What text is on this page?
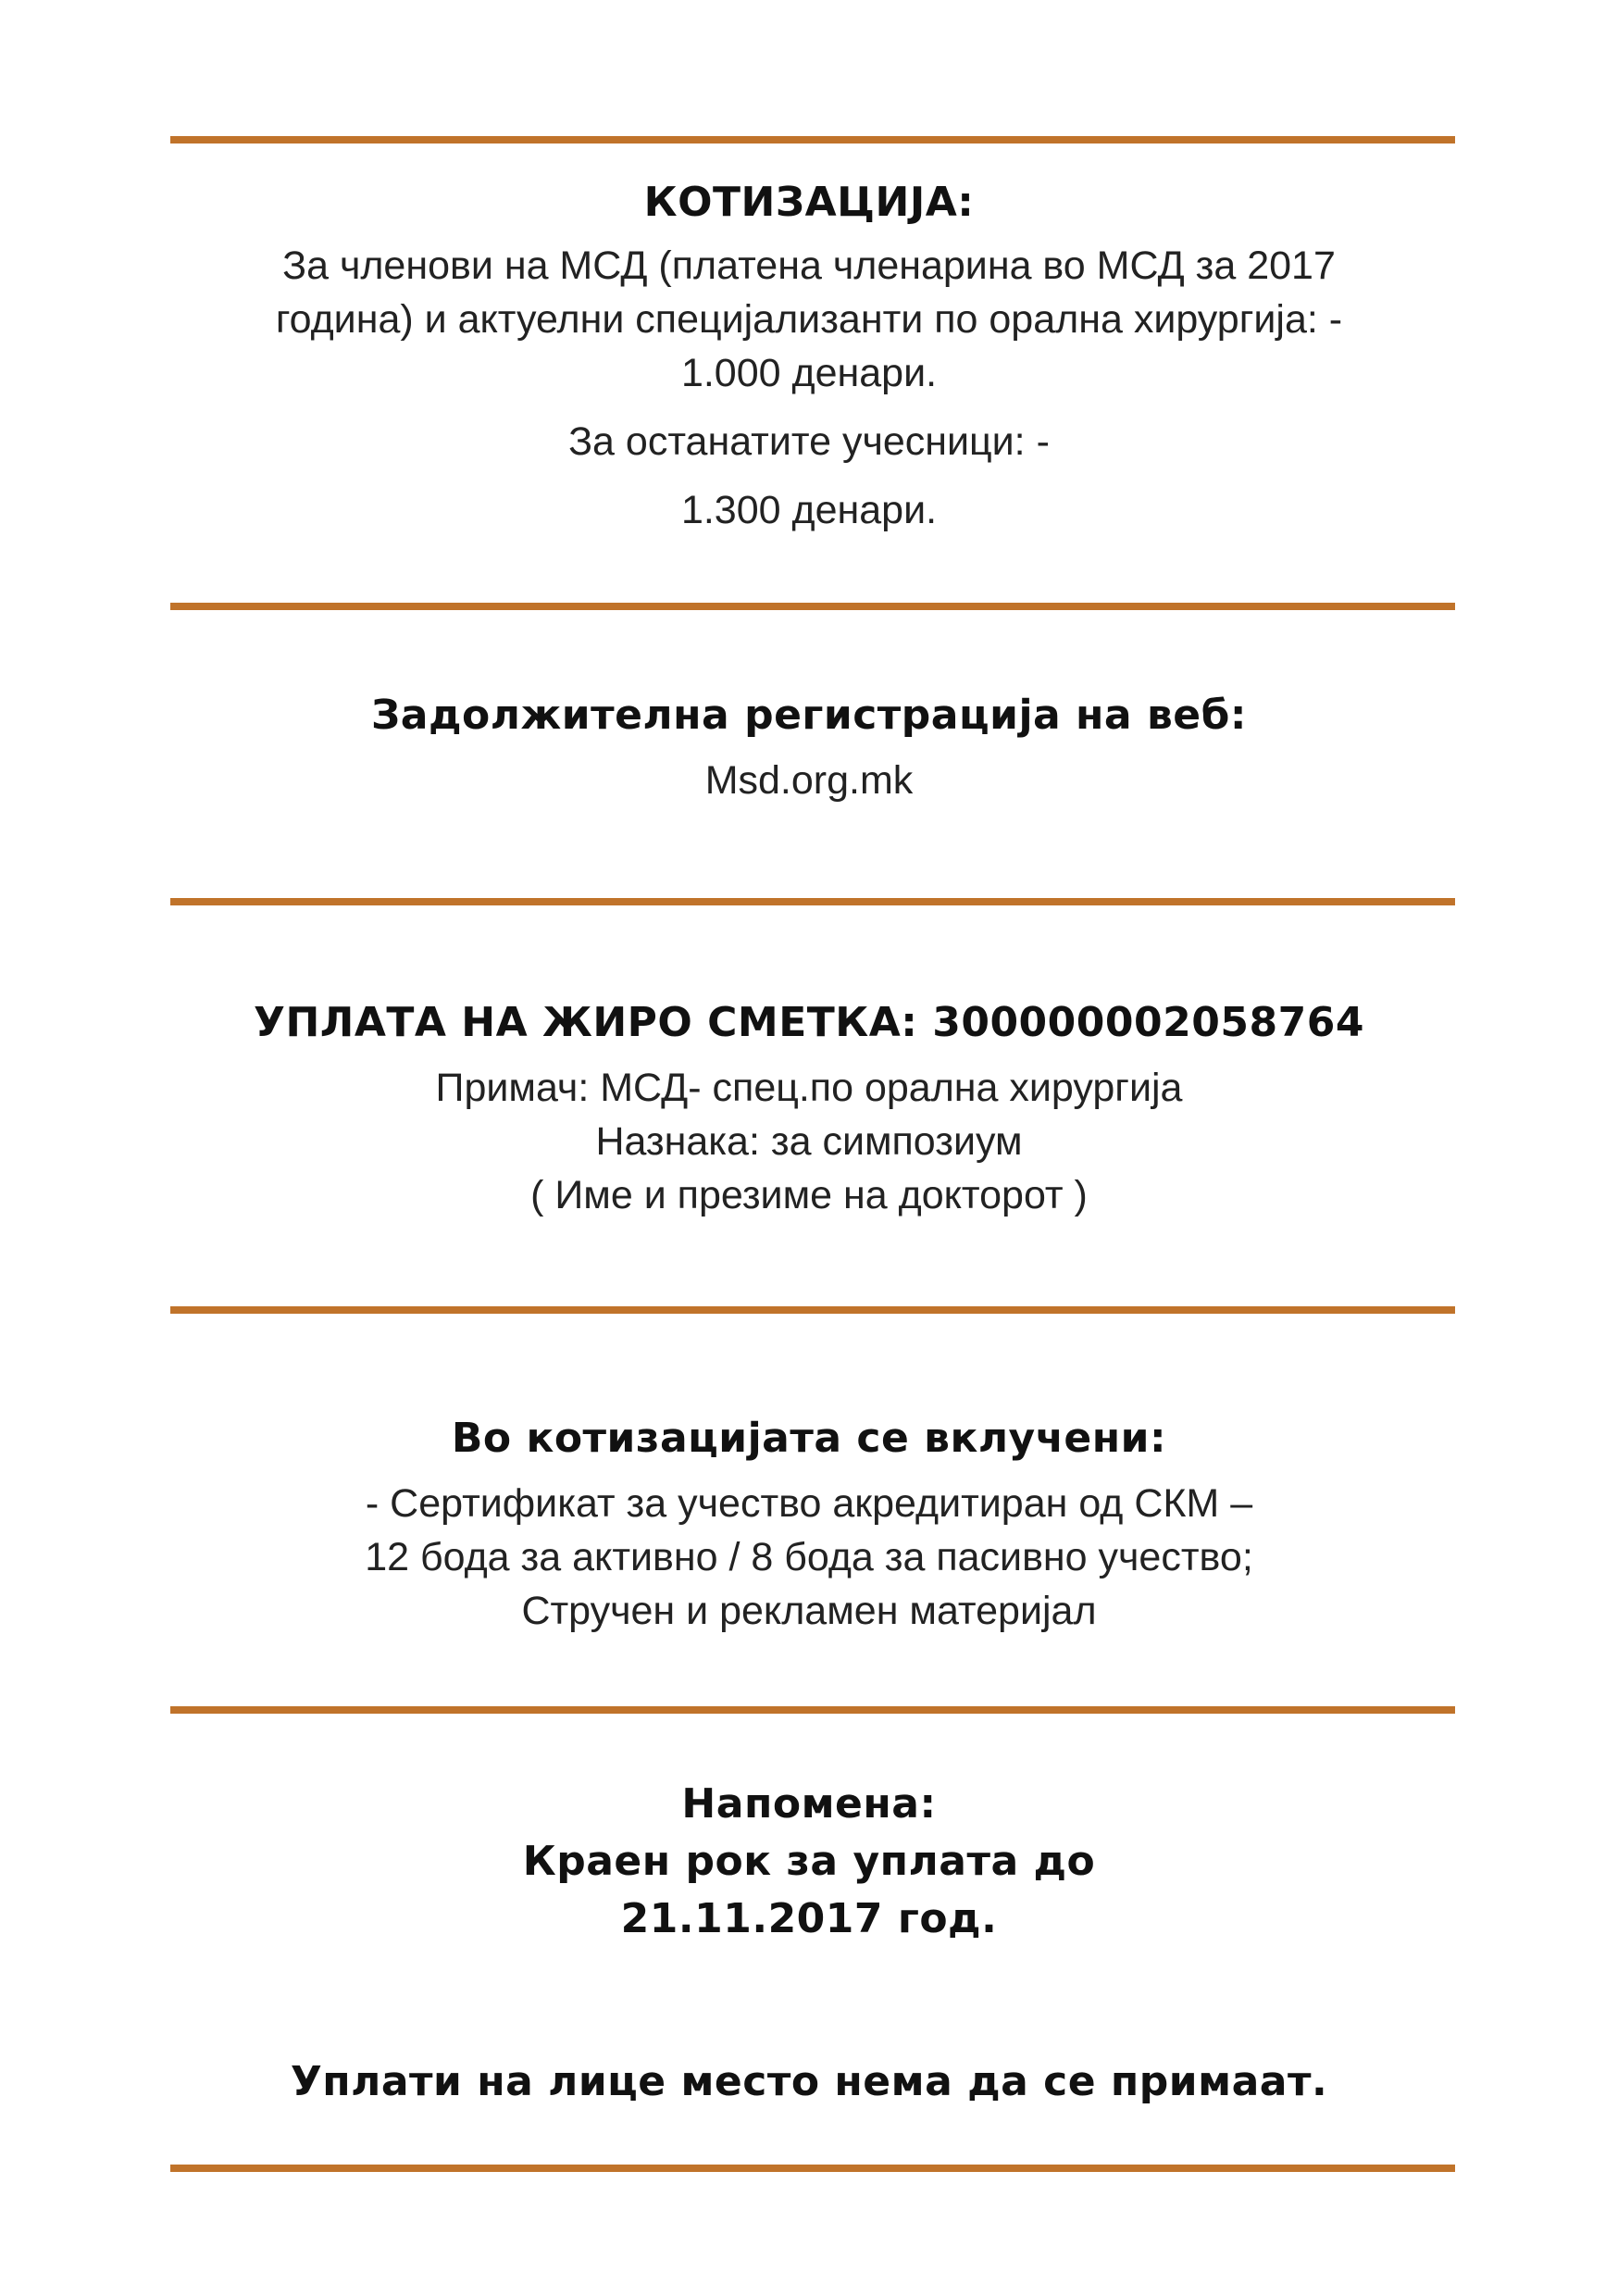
КОТИЗАЦИЈА:
За членови на МСД (платена членарина во МСД за 2017
година) и актуелни специјализанти по орална хирургија: -
1.000 денари.
За останатите учесници: -
1.300 денари.
Задолжителна регистрација на веб:
Msd.org.mk
УПЛАТА НА ЖИРО СМЕТКА: 300000002058764
Примач: МСД- спец.по орална хирургија
Назнака: за симпозиум
( Име и презиме на докторот )
Во котизацијата се вклучени:
- Сертификат за учество акредитиран од СКМ –
12 бода за активно / 8 бода за пасивно учество;
Стручен и рекламен материјал
Напомена:
Краен рок за уплата до
21.11.2017 год.
Уплати на лице место нема да се примаат.
